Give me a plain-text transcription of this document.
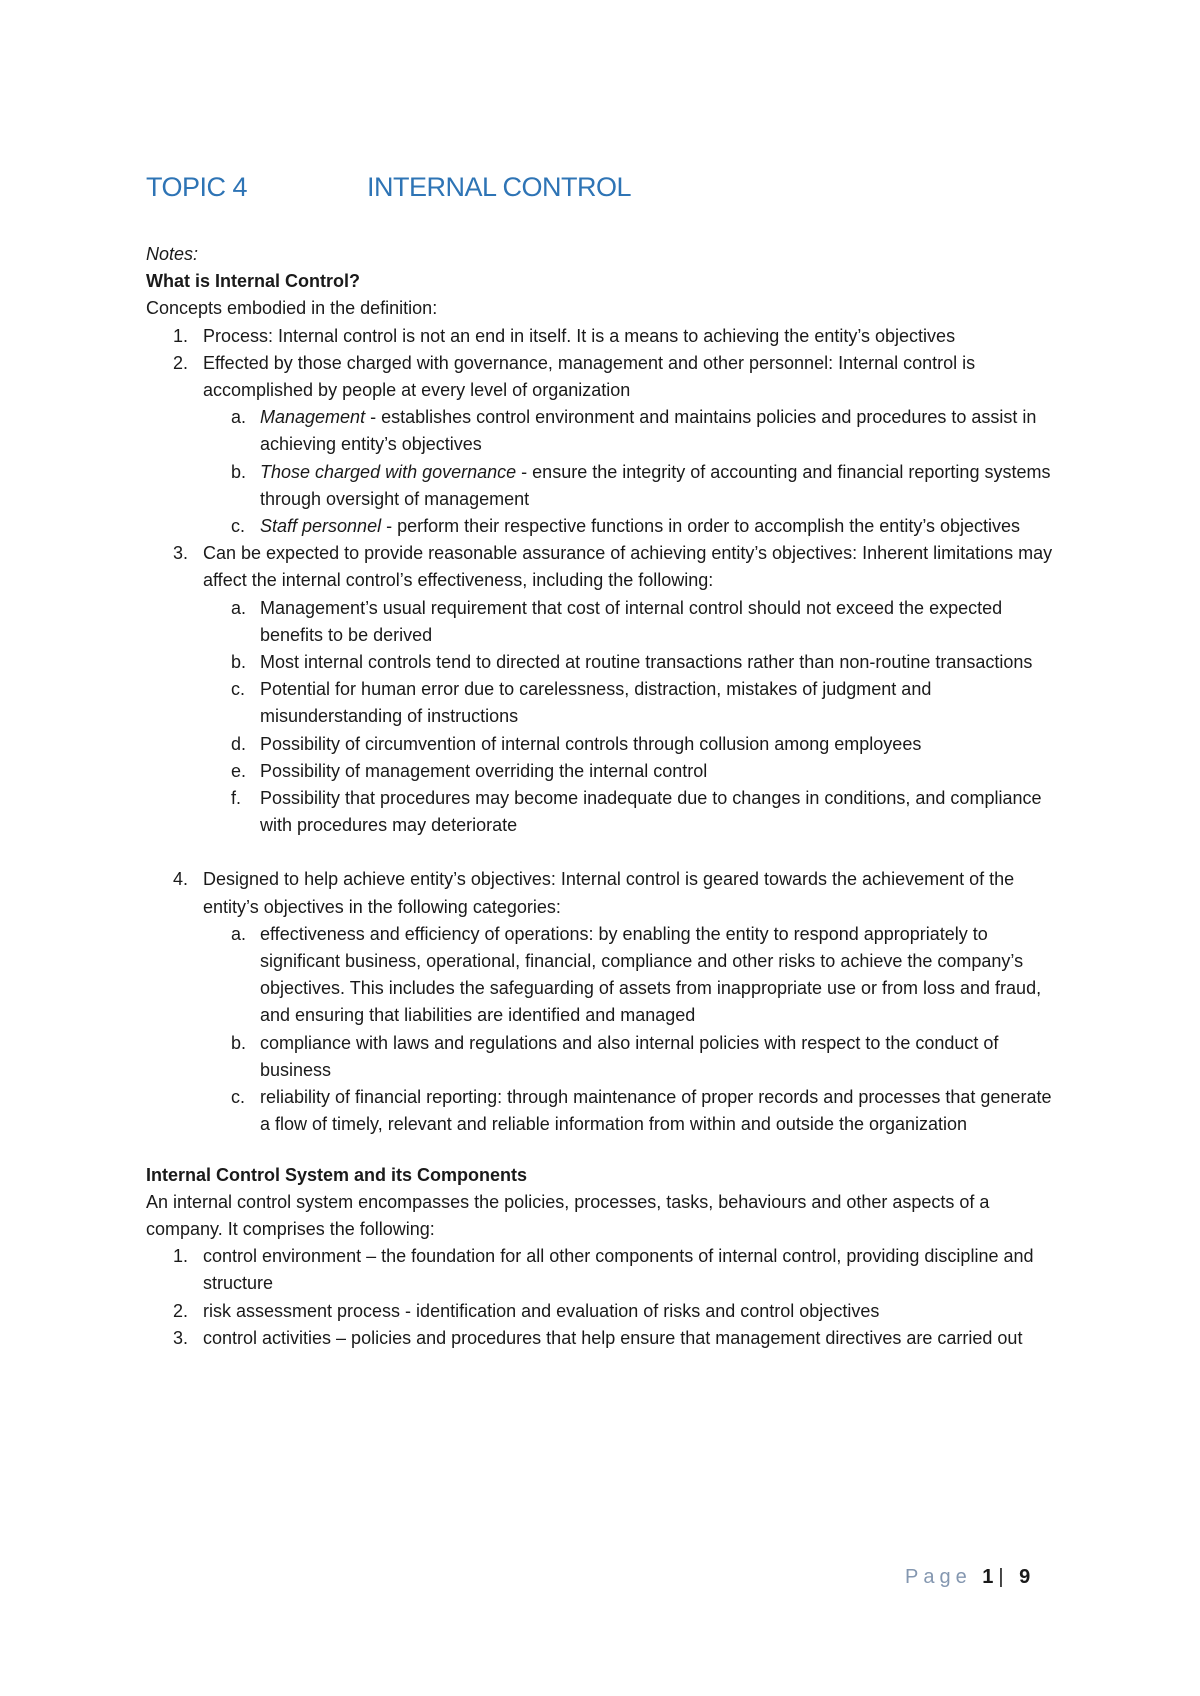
TOPIC 4	INTERNAL CONTROL

Notes:

What is Internal Control?

Concepts embodied in the definition:

1. Process: Internal control is not an end in itself. It is a means to achieving the entity’s objectives
2. Effected by those charged with governance, management and other personnel: Internal control is accomplished by people at every level of organization
a. Management - establishes control environment and maintains policies and procedures to assist in achieving entity’s objectives
b. Those charged with governance - ensure the integrity of accounting and financial reporting systems through oversight of management
c. Staff personnel - perform their respective functions in order to accomplish the entity’s objectives
3. Can be expected to provide reasonable assurance of achieving entity’s objectives: Inherent limitations may affect the internal control’s effectiveness, including the following:
a. Management’s usual requirement that cost of internal control should not exceed the expected benefits to be derived
b. Most internal controls tend to directed at routine transactions rather than non-routine transactions
c. Potential for human error due to carelessness, distraction, mistakes of judgment and misunderstanding of instructions
d. Possibility of circumvention of internal controls through collusion among employees
e. Possibility of management overriding the internal control
f. Possibility that procedures may become inadequate due to changes in conditions, and compliance with procedures may deteriorate
4. Designed to help achieve entity’s objectives: Internal control is geared towards the achievement of the entity’s objectives in the following categories:
a. effectiveness and efficiency of operations: by enabling the entity to respond appropriately to significant business, operational, financial, compliance and other risks to achieve the company’s objectives. This includes the safeguarding of assets from inappropriate use or from loss and fraud, and ensuring that liabilities are identified and managed
b. compliance with laws and regulations and also internal policies with respect to the conduct of business
c. reliability of financial reporting: through maintenance of proper records and processes that generate a flow of timely, relevant and reliable information from within and outside the organization

Internal Control System and its Components

An internal control system encompasses the policies, processes, tasks, behaviours and other aspects of a company. It comprises the following:

1. control environment – the foundation for all other components of internal control, providing discipline and structure
2. risk assessment process - identification and evaluation of risks and control objectives
3. control activities – policies and procedures that help ensure that management directives are carried out
Page 1| 9
